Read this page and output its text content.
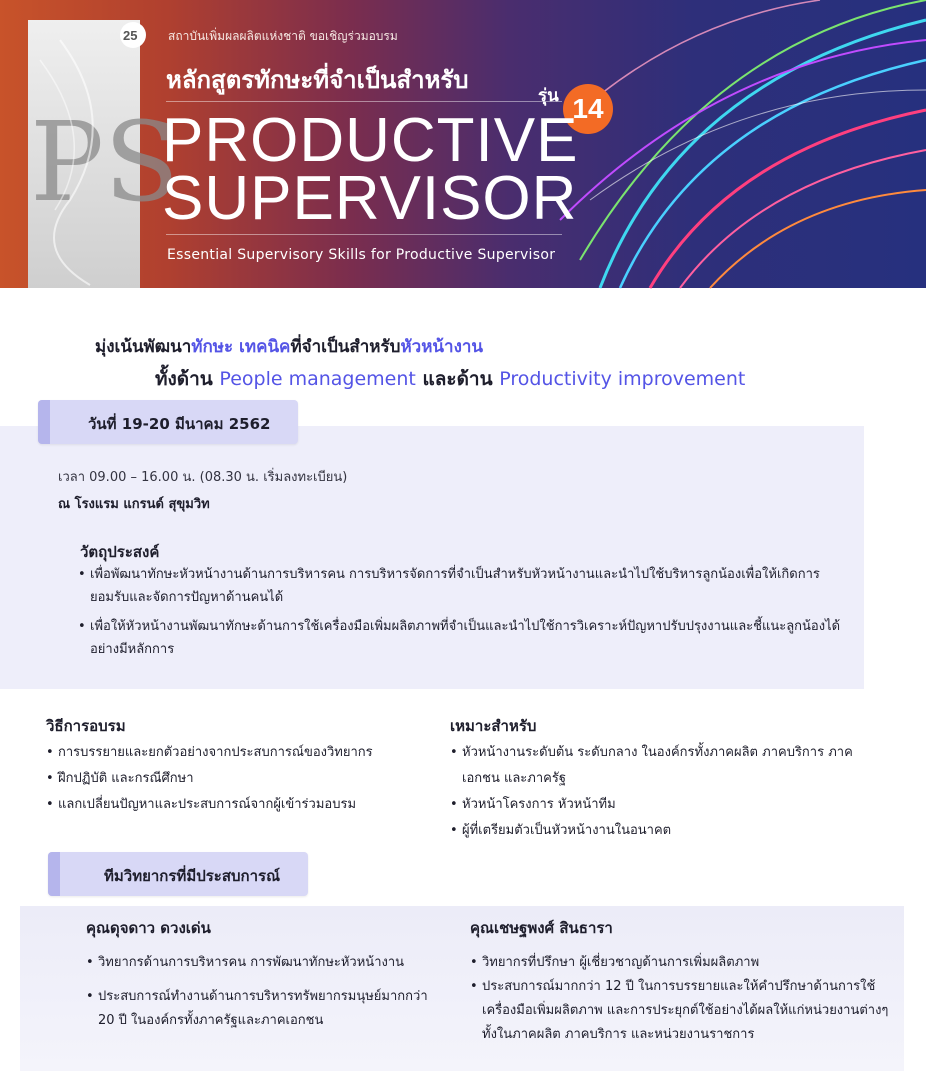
PS
25	สถาบันเพิ่มผลผลิตแห่งชาติ ขอเชิญร่วมอบรม
หลักสูตรทักษะที่จำเป็นสำหรับ
รุ่น 14
PRODUCTIVE
SUPERVISOR
Essential Supervisory Skills for Productive Supervisor
มุ่งเน้นพัฒนาทักษะ เทคนิคที่จำเป็นสำหรับหัวหน้างาน
ทั้งด้าน People management และด้าน Productivity improvement
วันที่ 19-20 มีนาคม 2562
เวลา 09.00 – 16.00 น. (08.30 น. เริ่มลงทะเบียน)
ณ โรงแรม แกรนด์ สุขุมวิท
วัตถุประสงค์
• เพื่อพัฒนาทักษะหัวหน้างานด้านการบริหารคน การบริหารจัดการที่จำเป็นสำหรับหัวหน้างานและนำไปใช้บริหารลูกน้องเพื่อให้เกิดการยอมรับและจัดการปัญหาด้านคนได้
• เพื่อให้หัวหน้างานพัฒนาทักษะด้านการใช้เครื่องมือเพิ่มผลิตภาพที่จำเป็นและนำไปใช้การวิเคราะห์ปัญหาปรับปรุงงานและชี้แนะลูกน้องได้อย่างมีหลักการ
วิธีการอบรม
• การบรรยายและยกตัวอย่างจากประสบการณ์ของวิทยากร
• ฝึกปฏิบัติ และกรณีศึกษา
• แลกเปลี่ยนปัญหาและประสบการณ์จากผู้เข้าร่วมอบรม
เหมาะสำหรับ
• หัวหน้างานระดับต้น ระดับกลาง ในองค์กรทั้งภาคผลิต ภาคบริการ ภาคเอกชน และภาครัฐ
• หัวหน้าโครงการ หัวหน้าทีม
• ผู้ที่เตรียมตัวเป็นหัวหน้างานในอนาคต
ทีมวิทยากรที่มีประสบการณ์
คุณดุจดาว ดวงเด่น
• วิทยากรด้านการบริหารคน การพัฒนาทักษะหัวหน้างาน
• ประสบการณ์ทำงานด้านการบริหารทรัพยากรมนุษย์มากกว่า 20 ปี ในองค์กรทั้งภาครัฐและภาคเอกชน
คุณเชษฐพงศ์ สินธารา
• วิทยากรที่ปรึกษา ผู้เชี่ยวชาญด้านการเพิ่มผลิตภาพ
• ประสบการณ์มากกว่า 12 ปี ในการบรรยายและให้คำปรึกษาด้านการใช้เครื่องมือเพิ่มผลิตภาพ และการประยุกต์ใช้อย่างได้ผลให้แก่หน่วยงานต่างๆ ทั้งในภาคผลิต ภาคบริการ และหน่วยงานราชการ
